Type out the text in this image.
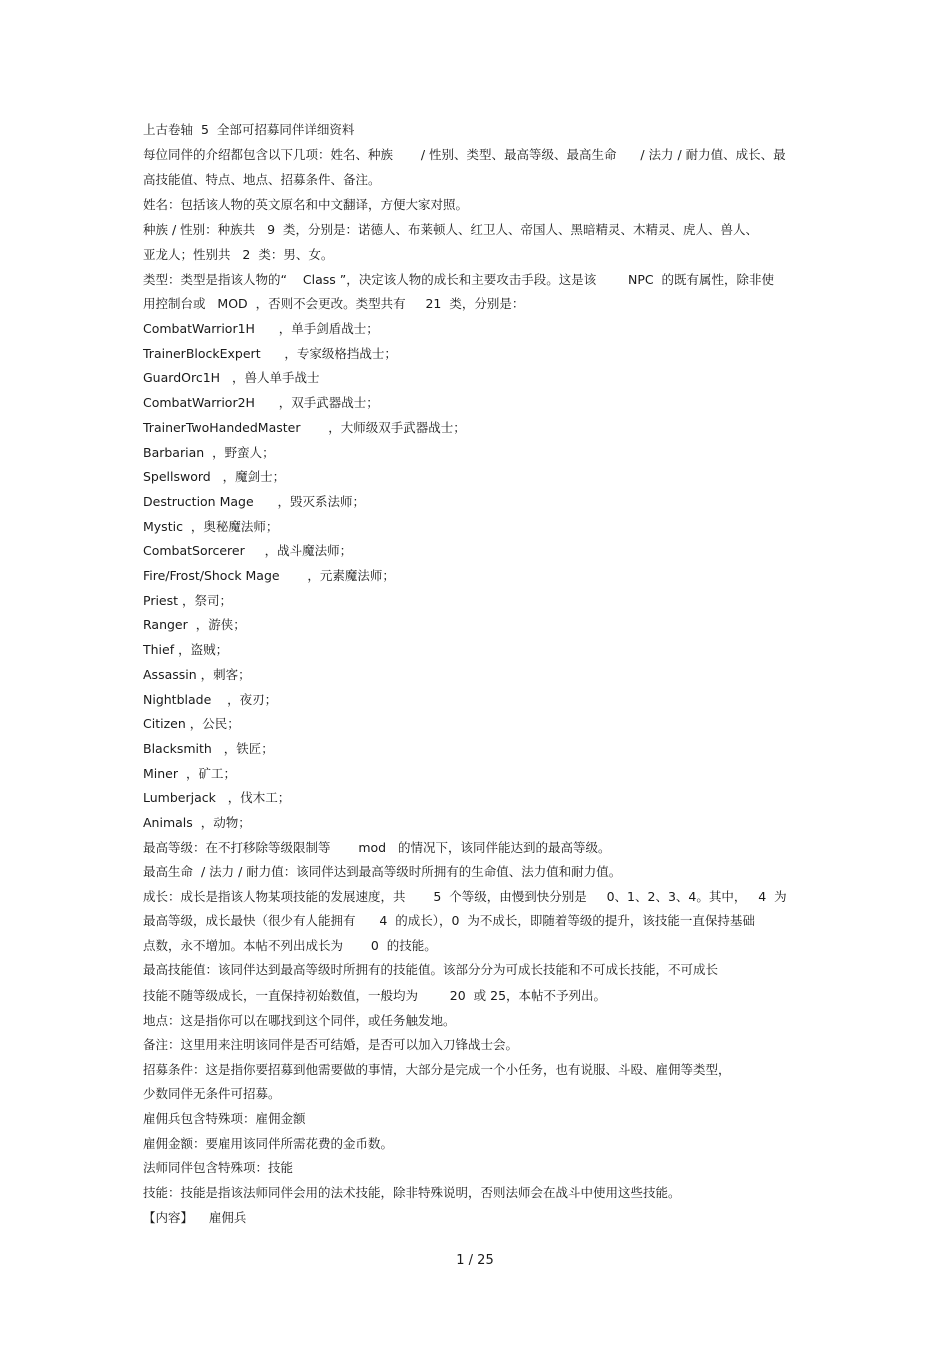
上古卷轴  5  全部可招募同伴详细资料
每位同伴的介绍都包含以下几项：姓名、种族       / 性别、类型、最高等级、最高生命      / 法力 / 耐力值、成长、最
高技能值、特点、地点、招募条件、备注。
姓名：包括该人物的英文原名和中文翻译，方便大家对照。
种族 / 性别：种族共   9  类，分别是：诺德人、布莱顿人、红卫人、帝国人、黑暗精灵、木精灵、虎人、兽人、
亚龙人；性别共   2  类：男、女。
类型：类型是指该人物的“    Class ”，决定该人物的成长和主要攻击手段。这是该        NPC  的既有属性，除非使
用控制台或   MOD  ，否则不会更改。类型共有     21  类，分别是：
CombatWarrior1H      ，单手剑盾战士；
TrainerBlockExpert      ，专家级格挡战士；
GuardOrc1H   ，兽人单手战士
CombatWarrior2H      ，双手武器战士；
TrainerTwoHandedMaster       ，大师级双手武器战士；
Barbarian  ，野蛮人；
Spellsword   ，魔剑士；
Destruction Mage      ，毁灭系法师；
Mystic  ，奥秘魔法师；
CombatSorcerer     ，战斗魔法师；
Fire/Frost/Shock Mage       ，元素魔法师；
Priest ，祭司；
Ranger  ，游侠；
Thief ，盗贼；
Assassin ，刺客；
Nightblade    ，夜刃；
Citizen ，公民；
Blacksmith   ，铁匠；
Miner  ，矿工；
Lumberjack   ，伐木工；
Animals  ，动物；
最高等级：在不打移除等级限制等       mod   的情况下，该同伴能达到的最高等级。
最高生命  / 法力 / 耐力值：该同伴达到最高等级时所拥有的生命值、法力值和耐力值。
成长：成长是指该人物某项技能的发展速度，共       5  个等级，由慢到快分别是     0、1、2、3、4。其中，   4  为
最高等级，成长最快（很少有人能拥有      4  的成长），0  为不成长，即随着等级的提升，该技能一直保持基础
点数，永不增加。本帖不列出成长为       0  的技能。
最高技能值：该同伴达到最高等级时所拥有的技能值。该部分分为可成长技能和不可成长技能，不可成长
技能不随等级成长，一直保持初始数值，一般均为        20  或 25，本帖不予列出。
地点：这是指你可以在哪找到这个同伴，或任务触发地。
备注：这里用来注明该同伴是否可结婚，是否可以加入刀锋战士会。
招募条件：这是指你要招募到他需要做的事情，大部分是完成一个小任务，也有说服、斗殴、雇佣等类型，
少数同伴无条件可招募。
雇佣兵包含特殊项：雇佣金额
雇佣金额：要雇用该同伴所需花费的金币数。
法师同伴包含特殊项：技能
技能：技能是指该法师同伴会用的法术技能，除非特殊说明，否则法师会在战斗中使用这些技能。
【内容】    雇佣兵
1 / 25
